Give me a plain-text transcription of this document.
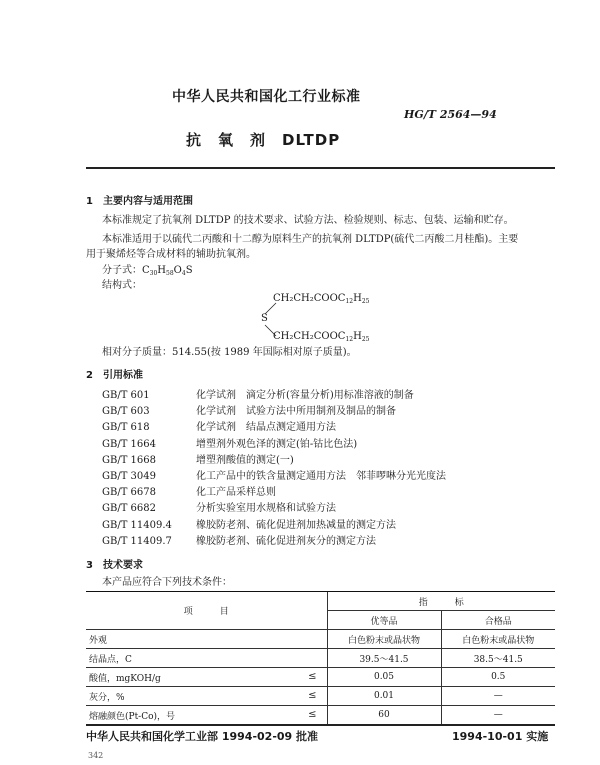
中华人民共和国化工行业标准
HG/T 2564—94
抗　氧　剂　DLTDP
1　主要内容与适用范围
本标准规定了抗氧剂 DLTDP 的技术要求、试验方法、检验规则、标志、包装、运输和贮存。
本标准适用于以硫代二丙酸和十二醇为原料生产的抗氧剂 DLTDP(硫代二丙酸二月桂酯)。主要
用于聚烯烃等合成材料的辅助抗氧剂。
分子式：$C_{30}H_{58}O_4S$
结构式：
$CH_2CH_2COOC_{12}H_{25}$
S
$CH_2CH_2COOC_{12}H_{25}$
相对分子质量：514.55(按 1989 年国际相对原子质量)。
2　引用标准
GB/T 601	化学试剂　滴定分析(容量分析)用标准溶液的制备
GB/T 603	化学试剂　试验方法中所用制剂及制品的制备
GB/T 618	化学试剂　结晶点测定通用方法
GB/T 1664	增塑剂外观色泽的测定(铂-钴比色法)
GB/T 1668	增塑剂酸值的测定(一)
GB/T 3049	化工产品中的铁含量测定通用方法　邻菲啰啉分光光度法
GB/T 6678	化工产品采样总则
GB/T 6682	分析实验室用水规格和试验方法
GB/T 11409.4 橡胶防老剂、硫化促进剂加热减量的测定方法
GB/T 11409.7 橡胶防老剂、硫化促进剂灰分的测定方法
3　技术要求
本产品应符合下列技术条件：
项　　　目	指　　　标	
	优等品	合格品
外观	白色粉末或晶状物	白色粉末或晶状物
结晶点，C	39.5～41.5	38.5～41.5
酸值，mgKOH/g ≤	0.05	0.5
灰分，% ≤	0.01	—
熔融颜色(Pt-Co)，号 ≤	60	—
中华人民共和国化学工业部 1994-02-09 批准	1994-10-01 实施
342
